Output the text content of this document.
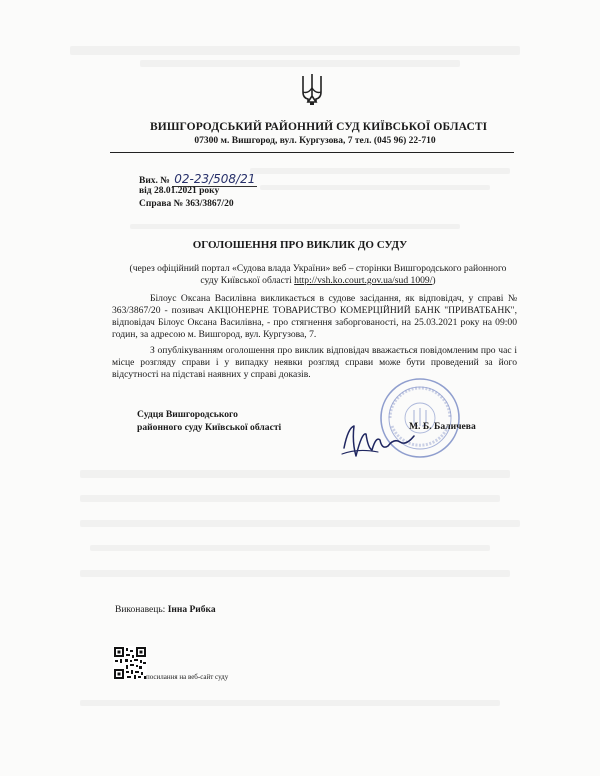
ВИШГОРОДСЬКИЙ РАЙОННИЙ СУД КИЇВСЬКОЇ ОБЛАСТІ
07300 м. Вишгород, вул. Кургузова, 7 тел. (045 96) 22-710
Вих. № 02-23/508/21
від 28.01.2021 року
Справа № 363/3867/20
ОГОЛОШЕННЯ ПРО ВИКЛИК ДО СУДУ
(через офіційний портал «Судова влада України» веб – сторінки Вишгородського районного суду Київської області http://vsh.ko.court.gov.ua/sud 1009/)

Білоус Оксана Василівна викликається в судове засідання, як відповідач, у справі № 363/3867/20 - позивач АКЦІОНЕРНЕ ТОВАРИСТВО КОМЕРЦІЙНИЙ БАНК "ПРИВАТБАНК", відповідач Білоус Оксана Василівна, - про стягнення заборгованості, на 25.03.2021 року на 09:00 годин, за адресою м. Вишгород, вул. Кургузова, 7.

З опублікуванням оголошення про виклик відповідач вважається повідомленим про час і місце розгляду справи і у випадку неявки розгляд справи може бути проведений за його відсутності на підставі наявних у справі доказів.

Судця Вишгородського
районного суду Київської області	М. Б. Баличева
Виконавець: Інна Рибка
посилання на веб-сайт суду
